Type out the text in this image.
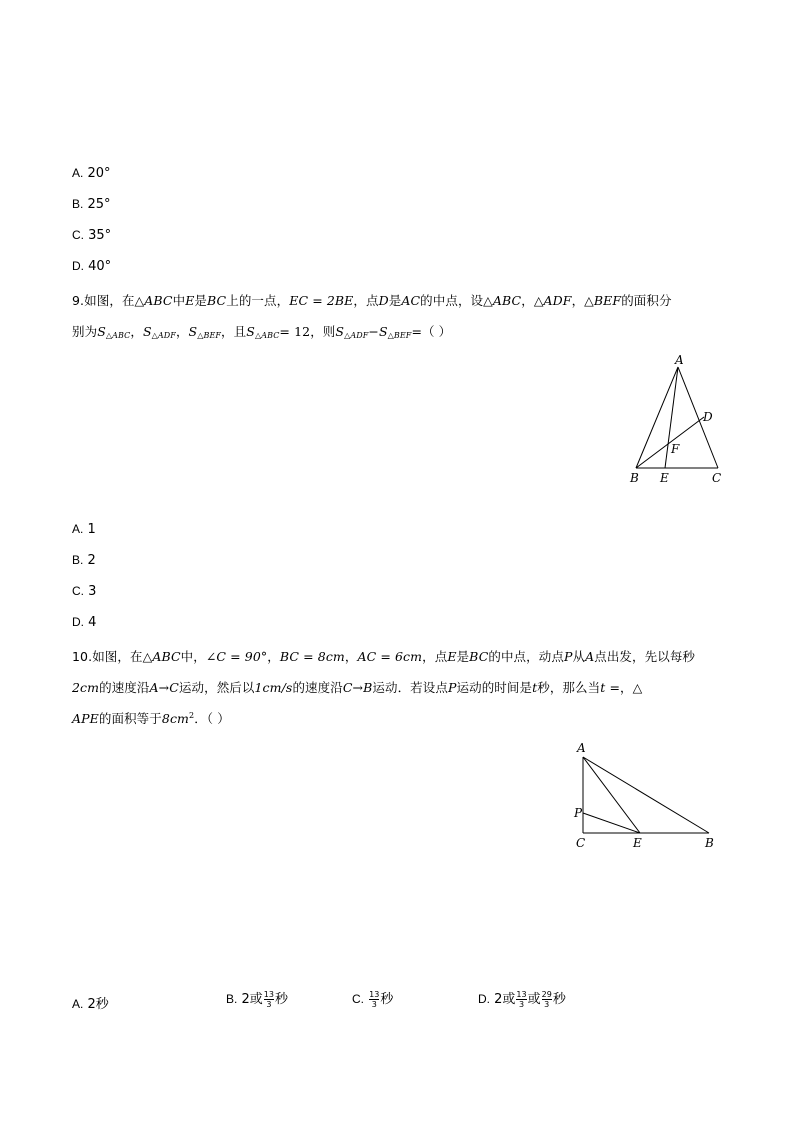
A. 20°
B. 25°
C. 35°
D. 40°
9.如图，在△ABC中E是BC上的一点，EC = 2BE，点D是AC的中点，设△ABC，△ADF，△BEF的面积分
别为$S_{\triangle ABC}$，$S_{\triangle ADF}$，$S_{\triangle BEF}$，且$S_{\triangle ABC}= 12$，则$S_{\triangle ADF}-S_{\triangle BEF}=$（ ）
A
B E	C
D
F
A. 1
B. 2
C. 3
D. 4
10.如图，在△ABC中，∠C = 90°，BC = 8cm，AC = 6cm，点E是BC的中点，动点P从A点出发，先以每秒
2cm的速度沿A→C运动，然后以1cm/s的速度沿C→B运动．若设点P运动的时间是t秒，那么当t =，△
APE的面积等于$8cm^2$．（ ）
A
P
C	E	B
A. 2秒	B. 2或 $\frac{13}{3}$ 秒	C. $\frac{13}{3}$ 秒	D. 2或 $\frac{13}{3}$ 或 $\frac{29}{3}$ 秒
